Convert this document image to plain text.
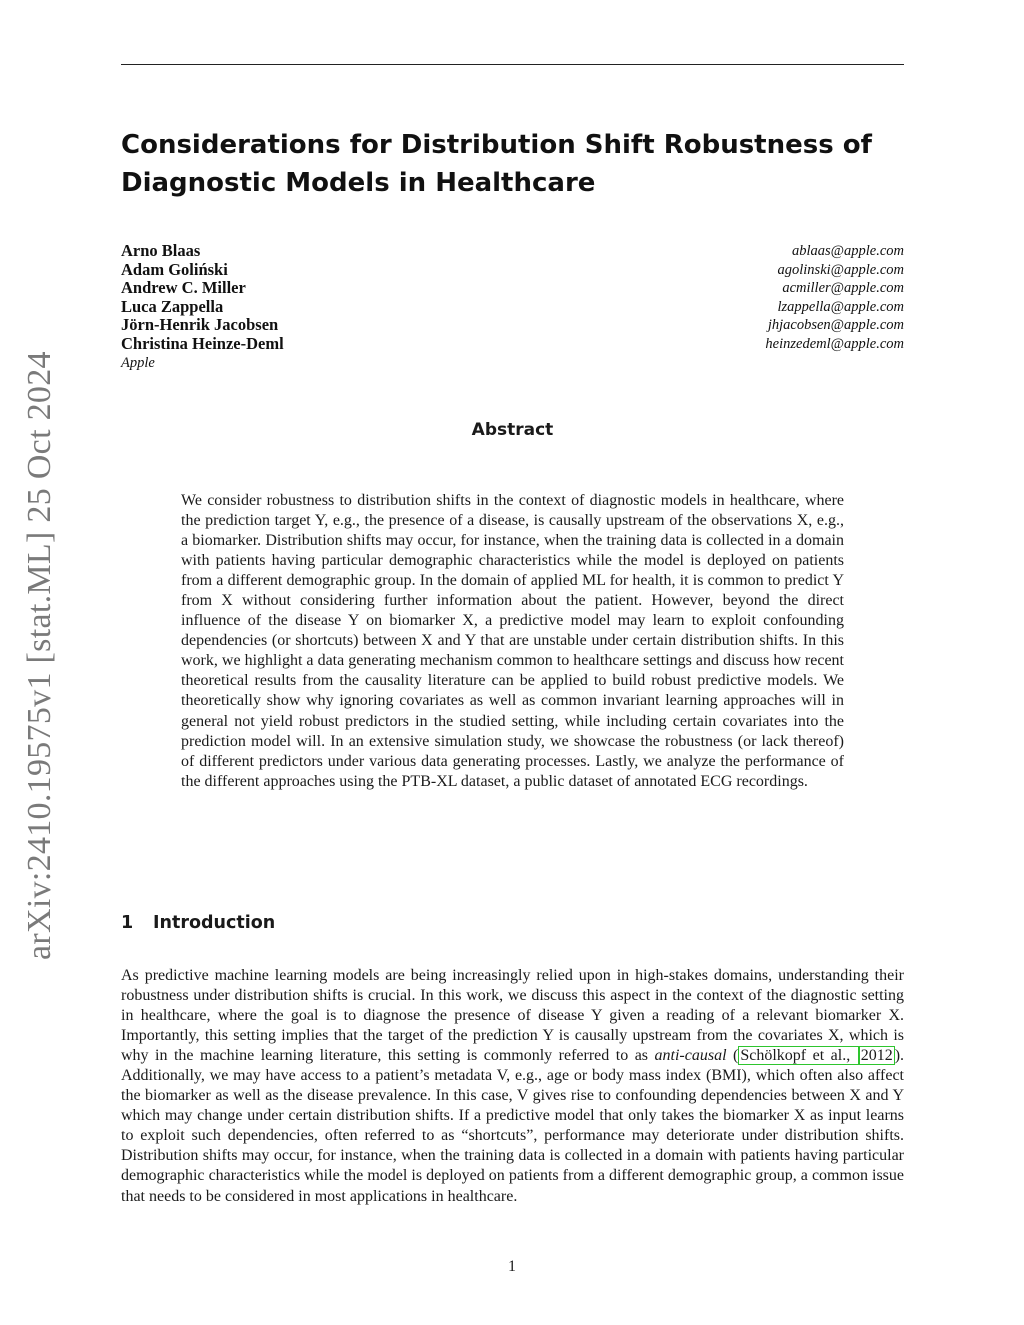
arXiv:2410.19575v1 [stat.ML] 25 Oct 2024
Considerations for Distribution Shift Robustness of
Diagnostic Models in Healthcare
Arno Blaas	ablaas@apple.com
Adam Goliński	agolinski@apple.com
Andrew C. Miller	acmiller@apple.com
Luca Zappella	lzappella@apple.com
Jörn-Henrik Jacobsen	jhjacobsen@apple.com
Christina Heinze-Deml	heinzedeml@apple.com
Apple
Abstract
We consider robustness to distribution shifts in the context of diagnostic models in healthcare, where the prediction target Y, e.g., the presence of a disease, is causally upstream of the observations X, e.g., a biomarker. Distribution shifts may occur, for instance, when the training data is collected in a domain with patients having particular demographic characteristics while the model is deployed on patients from a different demographic group. In the domain of applied ML for health, it is common to predict Y from X without considering further information about the patient. However, beyond the direct influence of the disease Y on biomarker X, a predictive model may learn to exploit confounding dependencies (or shortcuts) between X and Y that are unstable under certain distribution shifts. In this work, we highlight a data generating mechanism common to healthcare settings and discuss how recent theoretical results from the causality literature can be applied to build robust predictive models. We theoretically show why ignoring covariates as well as common invariant learning approaches will in general not yield robust predictors in the studied setting, while including certain covariates into the prediction model will. In an extensive simulation study, we showcase the robustness (or lack thereof) of different predictors under various data generating processes. Lastly, we analyze the performance of the different approaches using the PTB-XL dataset, a public dataset of annotated ECG recordings.
1 Introduction
As predictive machine learning models are being increasingly relied upon in high-stakes domains, understanding their robustness under distribution shifts is crucial. In this work, we discuss this aspect in the context of the diagnostic setting in healthcare, where the goal is to diagnose the presence of disease Y given a reading of a relevant biomarker X. Importantly, this setting implies that the target of the prediction Y is causally upstream from the covariates X, which is why in the machine learning literature, this setting is commonly referred to as anti-causal ( Schölkopf et al., 2012 ). Additionally, we may have access to a patient’s metadata V, e.g., age or body mass index (BMI), which often also affect the biomarker as well as the disease prevalence. In this case, V gives rise to confounding dependencies between X and Y which may change under certain distribution shifts. If a predictive model that only takes the biomarker X as input learns to exploit such dependencies, often referred to as “shortcuts”, performance may deteriorate under distribution shifts. Distribution shifts may occur, for instance, when the training data is collected in a domain with patients having particular demographic characteristics while the model is deployed on patients from a different demographic group, a common issue that needs to be considered in most applications in healthcare.
1
